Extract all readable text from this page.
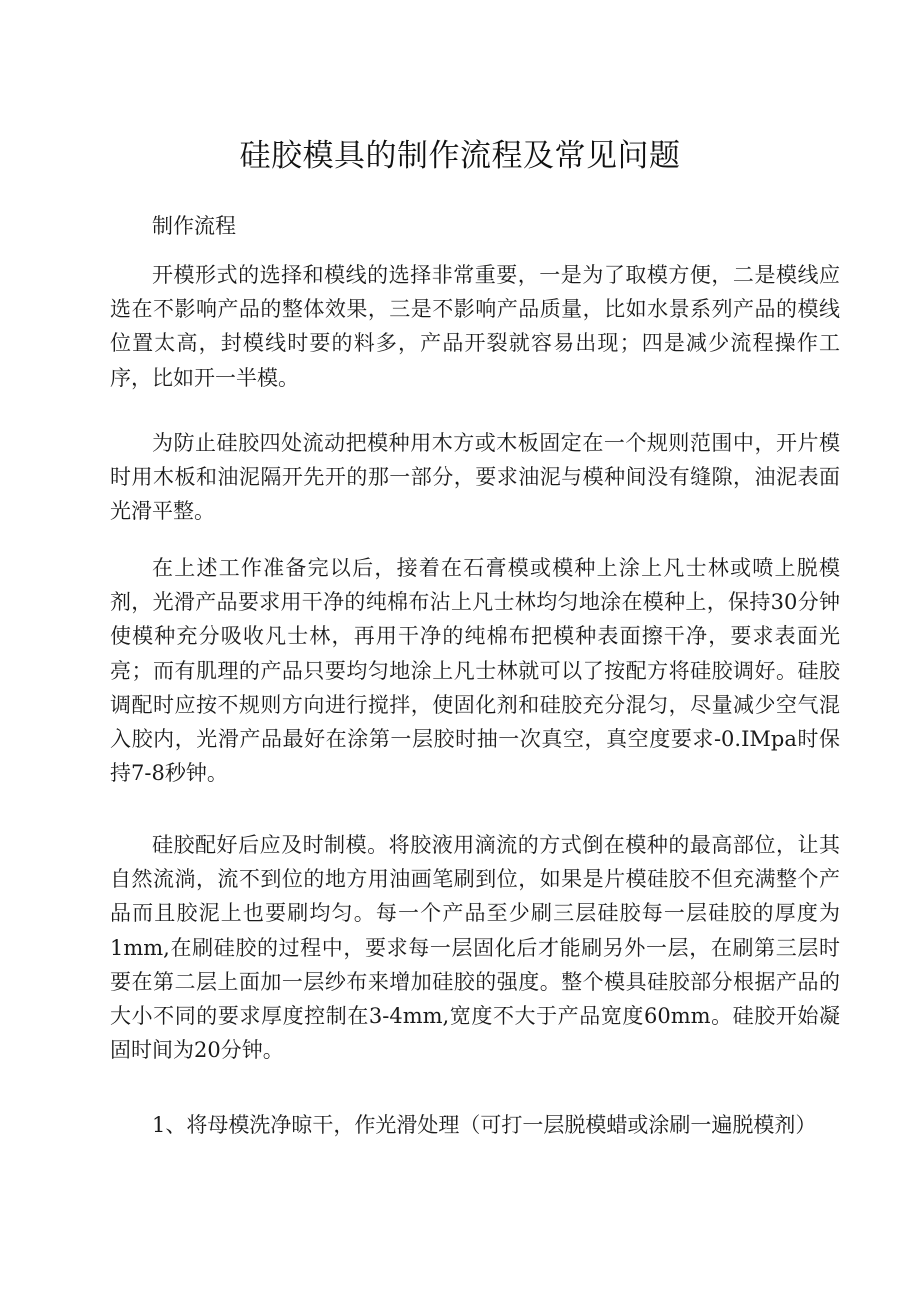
硅胶模具的制作流程及常见问题

制作流程

开模形式的选择和模线的选择非常重要，一是为了取模方便，二是模线应选在不影响产品的整体效果，三是不影响产品质量，比如水景系列产品的模线位置太高，封模线时要的料多，产品开裂就容易出现；四是减少流程操作工序，比如开一半模。

为防止硅胶四处流动把模种用木方或木板固定在一个规则范围中，开片模时用木板和油泥隔开先开的那一部分，要求油泥与模种间没有缝隙，油泥表面光滑平整。

在上述工作准备完以后，接着在石膏模或模种上涂上凡士林或喷上脱模剂，光滑产品要求用干净的纯棉布沾上凡士林均匀地涂在模种上，保持30分钟使模种充分吸收凡士林，再用干净的纯棉布把模种表面擦干净，要求表面光亮；而有肌理的产品只要均匀地涂上凡士林就可以了按配方将硅胶调好。硅胶调配时应按不规则方向进行搅拌，使固化剂和硅胶充分混匀，尽量减少空气混入胶内，光滑产品最好在涂第一层胶时抽一次真空，真空度要求-0.IMpa时保持7-8秒钟。

硅胶配好后应及时制模。将胶液用滴流的方式倒在模种的最高部位，让其自然流淌，流不到位的地方用油画笔刷到位，如果是片模硅胶不但充满整个产品而且胶泥上也要刷均匀。每一个产品至少刷三层硅胶每一层硅胶的厚度为1mm,在刷硅胶的过程中，要求每一层固化后才能刷另外一层，在刷第三层时要在第二层上面加一层纱布来增加硅胶的强度。整个模具硅胶部分根据产品的大小不同的要求厚度控制在3-4mm,宽度不大于产品宽度60mm。硅胶开始凝固时间为20分钟。

1、将母模洗净晾干，作光滑处理（可打一层脱模蜡或涂刷一遍脱模剂）
